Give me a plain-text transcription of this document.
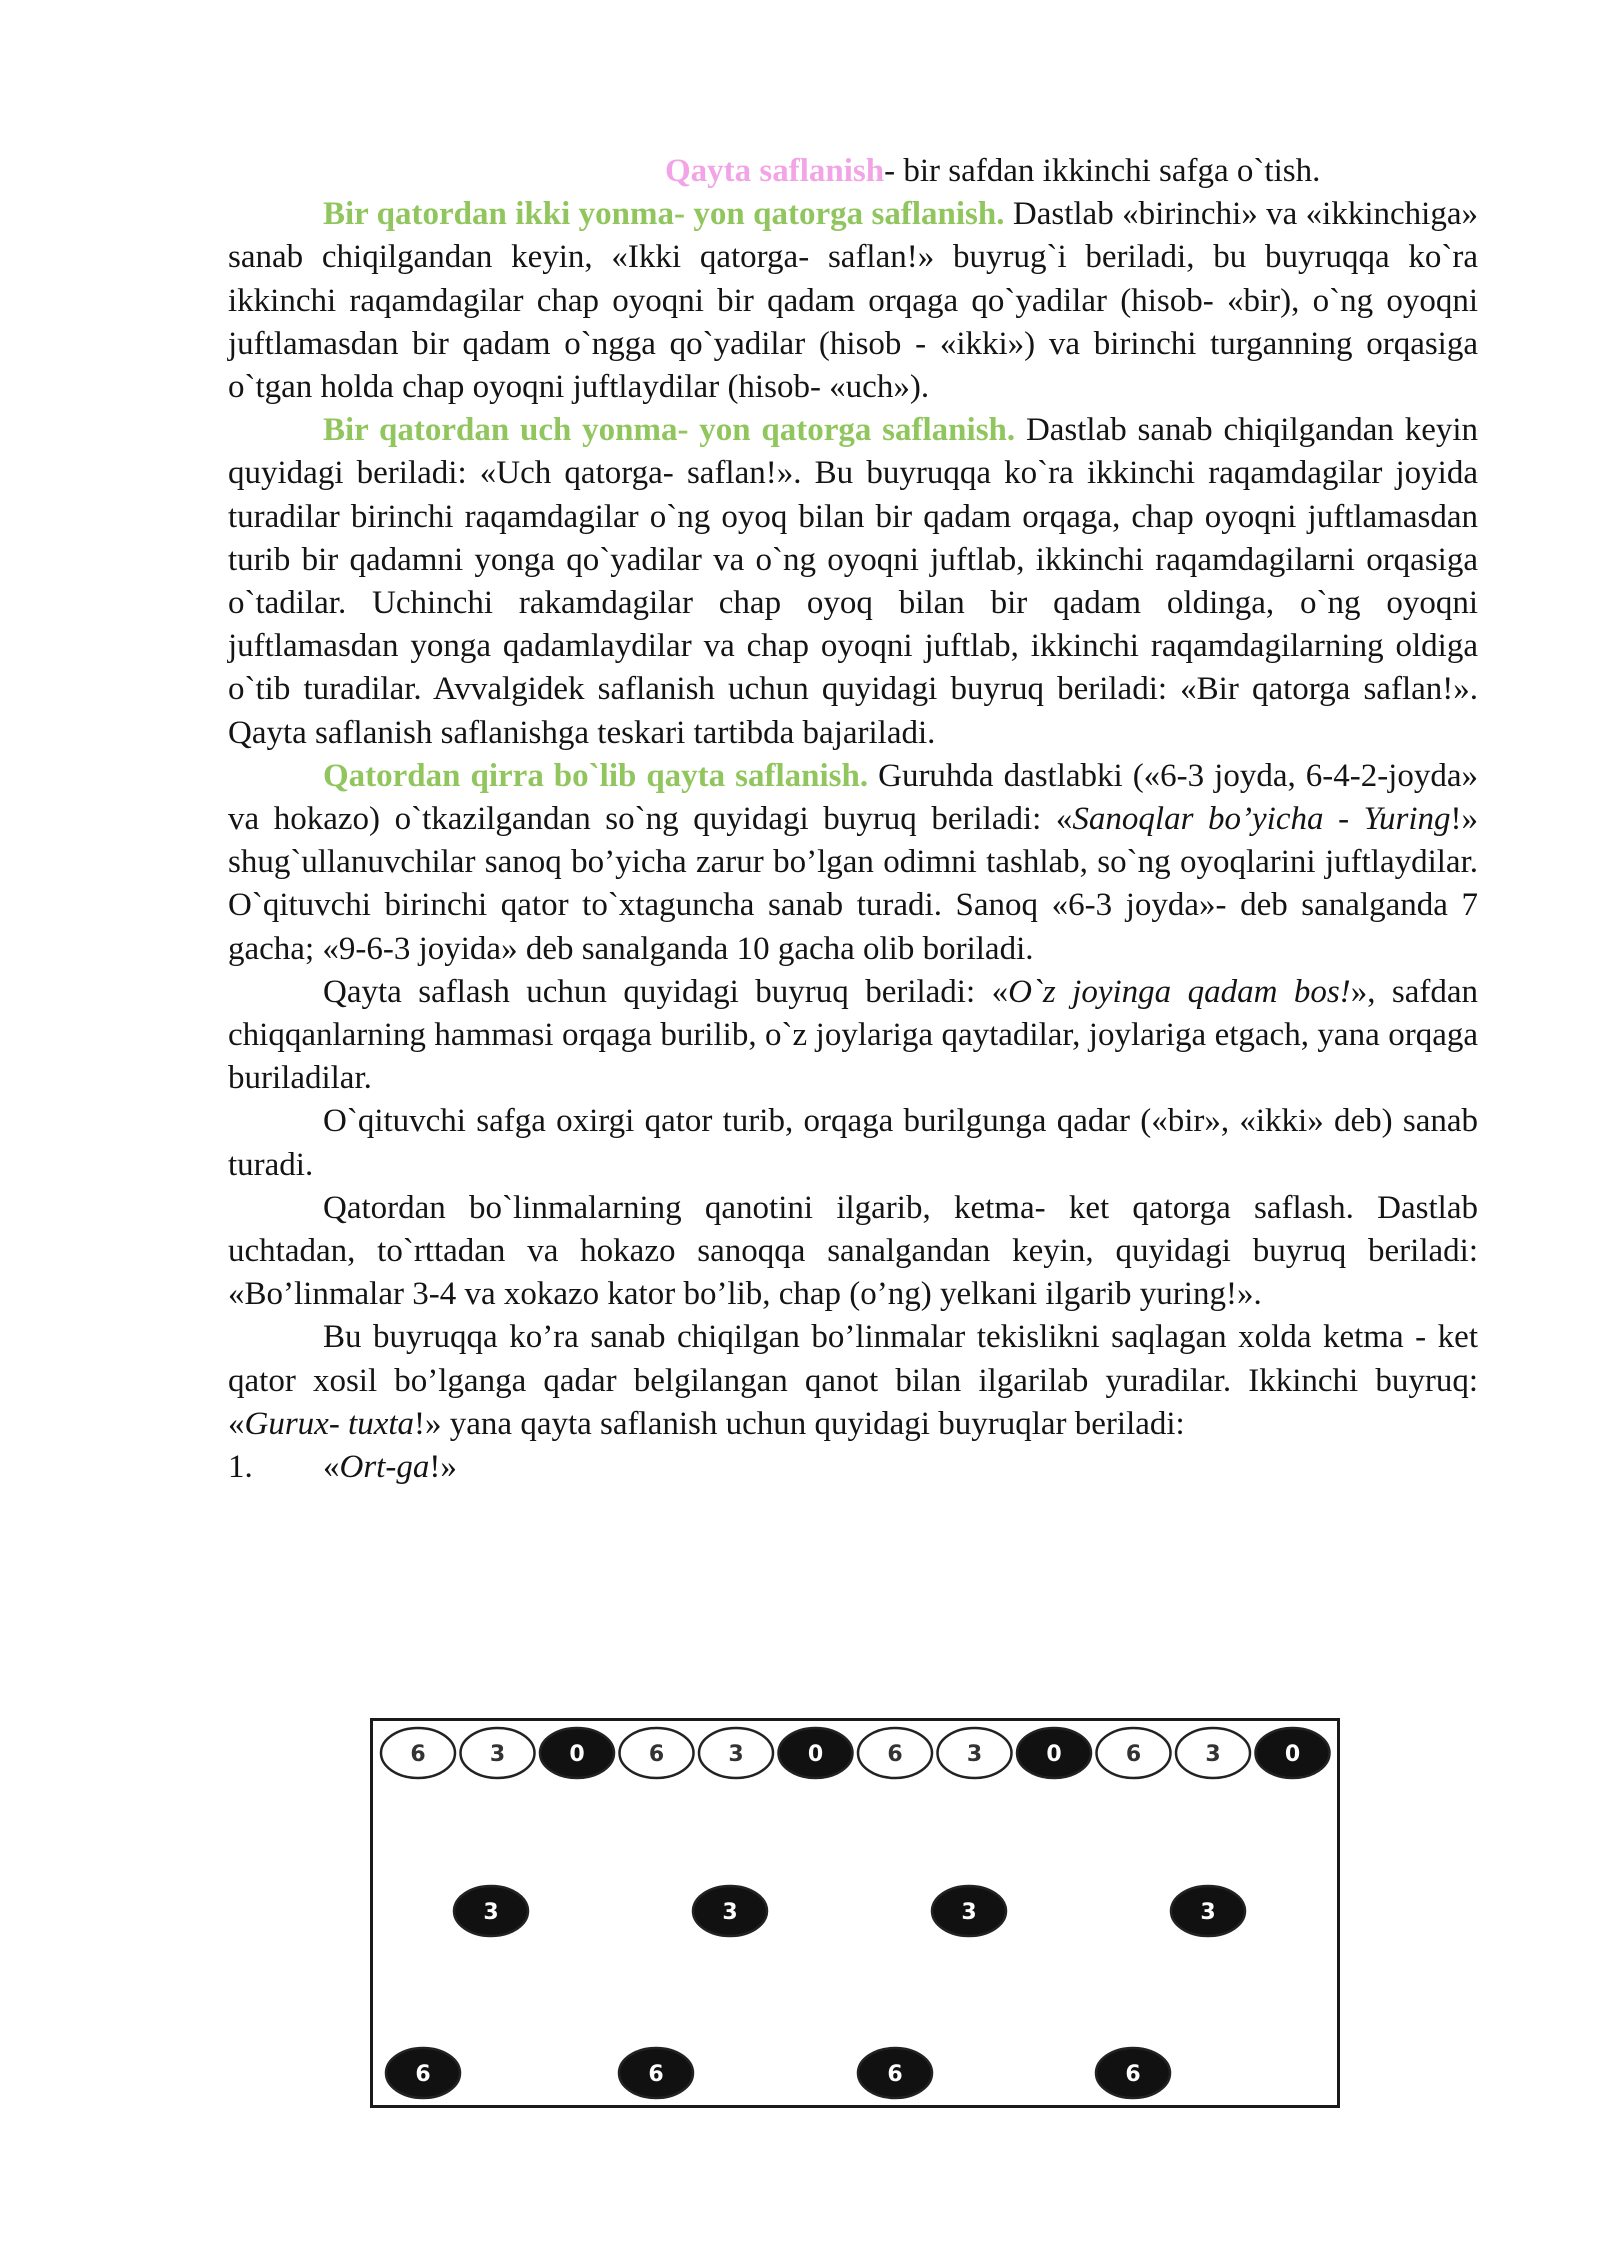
Qayta saflanish- bir safdan ikkinchi safga o`tish.

Bir qatordan ikki yonma- yon qatorga saflanish. Dastlab «birinchi» va «ikkinchiga» sanab chiqilgandan keyin, «Ikki qatorga- saflan!» buyrug`i beriladi, bu buyruqqa ko`ra ikkinchi raqamdagilar chap oyoqni bir qadam orqaga qo`yadilar (hisob- «bir), o`ng oyoqni juftlamasdan bir qadam o`ngga qo`yadilar (hisob - «ikki») va birinchi turganning orqasiga o`tgan holda chap oyoqni juftlaydilar (hisob- «uch»).

Bir qatordan uch yonma- yon qatorga saflanish. Dastlab sanab chiqilgandan keyin quyidagi beriladi: «Uch qatorga- saflan!». Bu buyruqqa ko`ra ikkinchi raqamdagilar joyida turadilar birinchi raqamdagilar o`ng oyoq bilan bir qadam orqaga, chap oyoqni juftlamasdan turib bir qadamni yonga qo`yadilar va o`ng oyoqni juftlab, ikkinchi raqamdagilarni orqasiga o`tadilar. Uchinchi rakamdagilar chap oyoq bilan bir qadam oldinga, o`ng oyoqni juftlamasdan yonga qadamlaydilar va chap oyoqni juftlab, ikkinchi raqamdagilarning oldiga o`tib turadilar. Avvalgidek saflanish uchun quyidagi buyruq beriladi: «Bir qatorga saflan!». Qayta saflanish saflanishga teskari tartibda bajariladi.

Qatordan qirra bo`lib qayta saflanish. Guruhda dastlabki («6-3 joyda, 6-4-2-joyda» va hokazo) o`tkazilgandan so`ng quyidagi buyruq beriladi: «Sanoqlar bo’yicha - Yuring!» shug`ullanuvchilar sanoq bo’yicha zarur bo’lgan odimni tashlab, so`ng oyoqlarini juftlaydilar. O`qituvchi birinchi qator to`xtaguncha sanab turadi. Sanoq «6-3 joyda»- deb sanalganda 7 gacha; «9-6-3 joyida» deb sanalganda 10 gacha olib boriladi.

Qayta saflash uchun quyidagi buyruq beriladi: «O`z joyinga qadam bos!», safdan chiqqanlarning hammasi orqaga burilib, o`z joylariga qaytadilar, joylariga etgach, yana orqaga buriladilar.

O`qituvchi safga oxirgi qator turib, orqaga burilgunga qadar («bir», «ikki» deb) sanab turadi.

Qatordan bo`linmalarning qanotini ilgarib, ketma- ket qatorga saflash. Dastlab uchtadan, to`rttadan va hokazo sanoqqa sanalgandan keyin, quyidagi buyruq beriladi: «Bo’linmalar 3-4 va xokazo kator bo’lib, chap (o’ng) yelkani ilgarib yuring!».

Bu buyruqqa ko’ra sanab chiqilgan bo’linmalar tekislikni saqlagan xolda ketma - ket qator xosil bo’lganga qadar belgilangan qanot bilan ilgarilab yuradilar. Ikkinchi buyruq: «Gurux- tuxta!» yana qayta saflanish uchun quyidagi buyruqlar beriladi:

1.	«Ort-ga!»
6	3	0	6	3	0	6	3	0	6	3	0
3	3	3	3
6	6	6	6
